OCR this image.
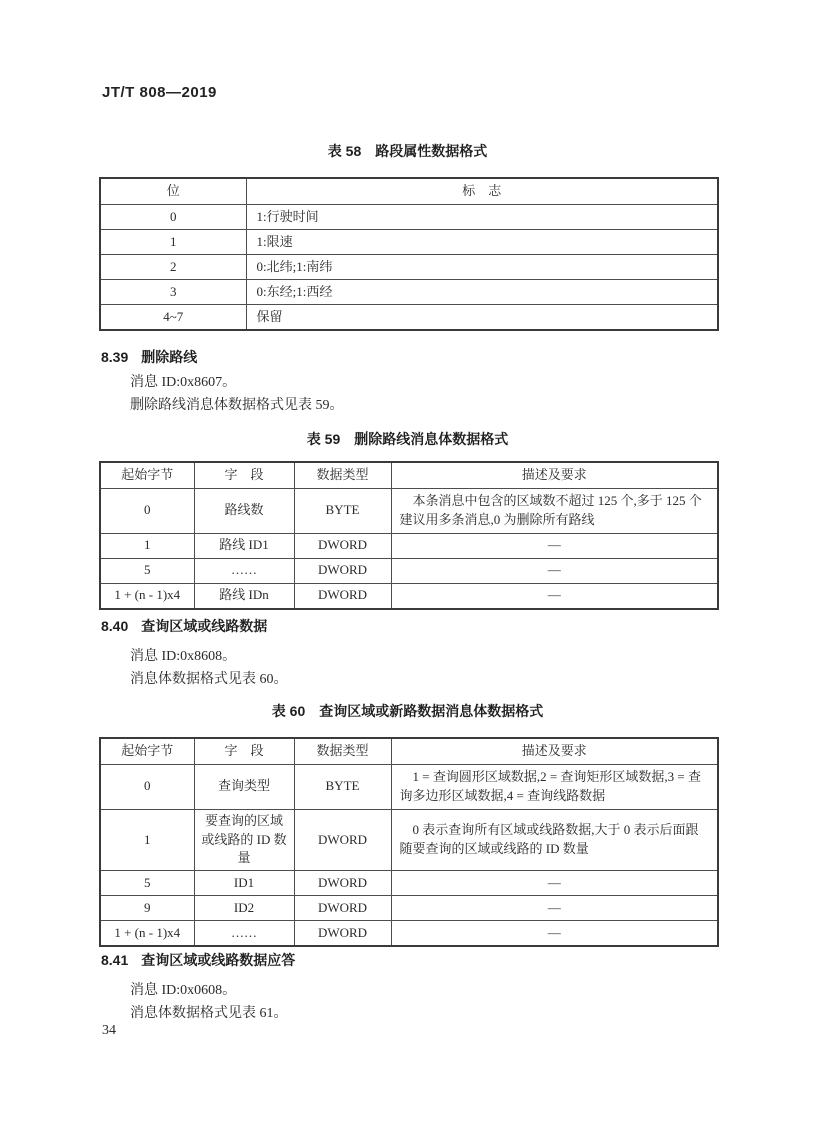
JT/T 808—2019
表 58 路段属性数据格式
位	标　志
0	1:行驶时间
1	1:限速
2	0:北纬;1:南纬
3	0:东经;1:西经
4~7	保留
8.39 删除路线
消息 ID:0x8607。
删除路线消息体数据格式见表 59。
表 59 删除路线消息体数据格式
起始字节	字　段	数据类型	描述及要求
0	路线数	BYTE	本条消息中包含的区域数不超过 125 个,多于 125 个建议用多条消息,0 为删除所有路线
1	路线 ID1	DWORD	—
5	……	DWORD	—
1 + (n - 1)x4	路线 IDn	DWORD	—
8.40 查询区域或线路数据
消息 ID:0x8608。
消息体数据格式见表 60。
表 60 查询区域或新路数据消息体数据格式
起始字节	字　段	数据类型	描述及要求
0	查询类型	BYTE	1 = 查询圆形区域数据,2 = 查询矩形区域数据,3 = 查询多边形区域数据,4 = 查询线路数据
1	要查询的区域或线路的 ID 数量	DWORD	0 表示查询所有区域或线路数据,大于 0 表示后面跟随要查询的区域或线路的 ID 数量
5	ID1	DWORD	—
9	ID2	DWORD	—
1 + (n - 1)x4	……	DWORD	—
8.41 查询区域或线路数据应答
消息 ID:0x0608。
消息体数据格式见表 61。
34
